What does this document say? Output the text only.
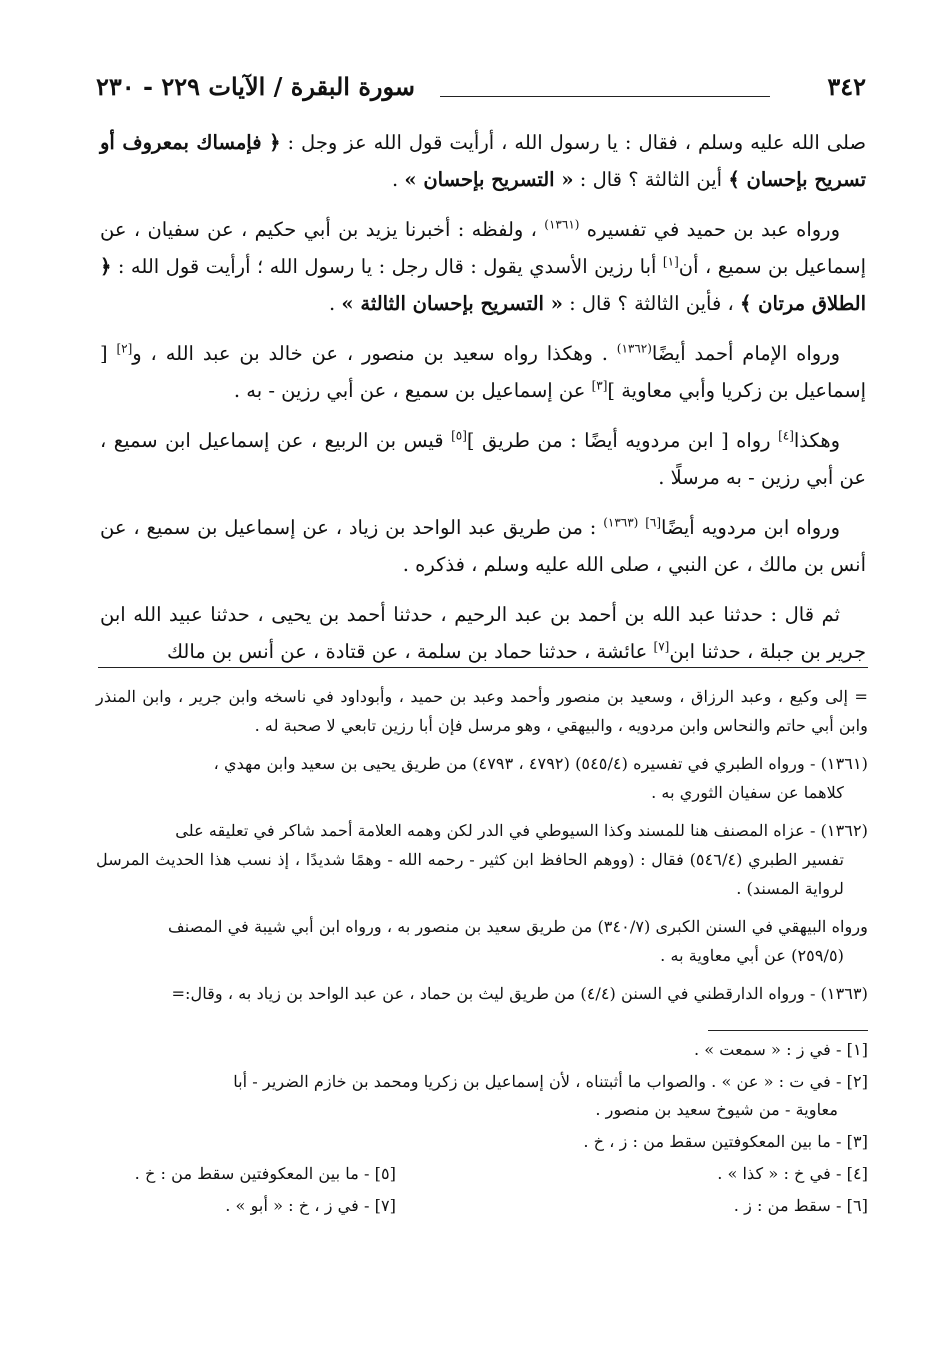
٣٤٢
سورة البقرة / الآيات ٢٢٩ - ٢٣٠

صلى الله عليه وسلم ، فقال : يا رسول الله ، أرأيت قول الله عز وجل : ﴿ فإمساك بمعروف أو تسريح بإحسان ﴾ أين الثالثة ؟ قال : « التسريح بإحسان » .

ورواه عبد بن حميد في تفسيره $^{(١٣٦١)}$ ، ولفظه : أخبرنا يزيد بن أبي حكيم ، عن سفيان ، عن إسماعيل بن سميع ، أن[١] أبا رزين الأسدي يقول : قال رجل : يا رسول الله ؛ أرأيت قول الله : ﴿ الطلاق مرتان ﴾ ، فأين الثالثة ؟ قال : « التسريح بإحسان الثالثة » .

ورواه الإمام أحمد أيضًا$^{(١٣٦٢)}$ . وهكذا رواه سعيد بن منصور ، عن خالد بن عبد الله ، و[٢] [ إسماعيل بن زكريا وأبي معاوية ][٣] عن إسماعيل بن سميع ، عن أبي رزين - به .

وهكذا[٤] رواه [ ابن مردويه أيضًا : من طريق ][٥] قيس بن الربيع ، عن إسماعيل ابن سميع ، عن أبي رزين - به مرسلًا .

ورواه ابن مردويه أيضًا[٦] $^{(١٣٦٣)}$ : من طريق عبد الواحد بن زياد ، عن إسماعيل بن سميع ، عن أنس بن مالك ، عن النبي ، صلى الله عليه وسلم ، فذكره .

ثم قال : حدثنا عبد الله بن أحمد بن عبد الرحيم ، حدثنا أحمد بن يحيى ، حدثنا عبيد الله ابن جرير بن جبلة ، حدثنا ابن[٧] عائشة ، حدثنا حماد بن سلمة ، عن قتادة ، عن أنس بن مالك

= إلى وكيع ، وعبد الرزاق ، وسعيد بن منصور وأحمد وعبد بن حميد ، وأبوداود في ناسخه وابن جرير ، وابن المنذر وابن أبي حاتم والنحاس وابن مردويه ، والبيهقي ، وهو مرسل فإن أبا رزين تابعي لا صحبة له .

(١٣٦١) - ورواه الطبري في تفسيره (٥٤٥/٤) (٤٧٩٢ ، ٤٧٩٣) من طريق يحيى بن سعيد وابن مهدي ،
كلاهما عن سفيان الثوري به .

(١٣٦٢) - عزاه المصنف هنا للمسند وكذا السيوطي في الدر لكن وهمه العلامة أحمد شاكر في تعليقه على
تفسير الطبري (٥٤٦/٤) فقال : (ووهم الحافظ ابن كثير - رحمه الله - وهمًا شديدًا ، إذ نسب هذا الحديث المرسل لرواية المسند) .

ورواه البيهقي في السنن الكبرى (٣٤٠/٧) من طريق سعيد بن منصور به ، ورواه ابن أبي شيبة في المصنف
(٢٥٩/٥) عن أبي معاوية به .

(١٣٦٣) - ورواه الدارقطني في السنن (٤/٤) من طريق ليث بن حماد ، عن عبد الواحد بن زياد به ، وقال:=

[١] - في ز : « سمعت » .

[٢] - في ت : « عن » . والصواب ما أثبتناه ، لأن إسماعيل بن زكريا ومحمد بن خازم الضرير - أبا
معاوية - من شيوخ سعيد بن منصور .

[٣] - ما بين المعكوفتين سقط من : ز ، خ .

[٤] - في خ : « كذا » .
[٥] - ما بين المعكوفتين سقط من : خ .
[٦] - سقط من : ز .
[٧] - في ز ، خ : « أبو » .
